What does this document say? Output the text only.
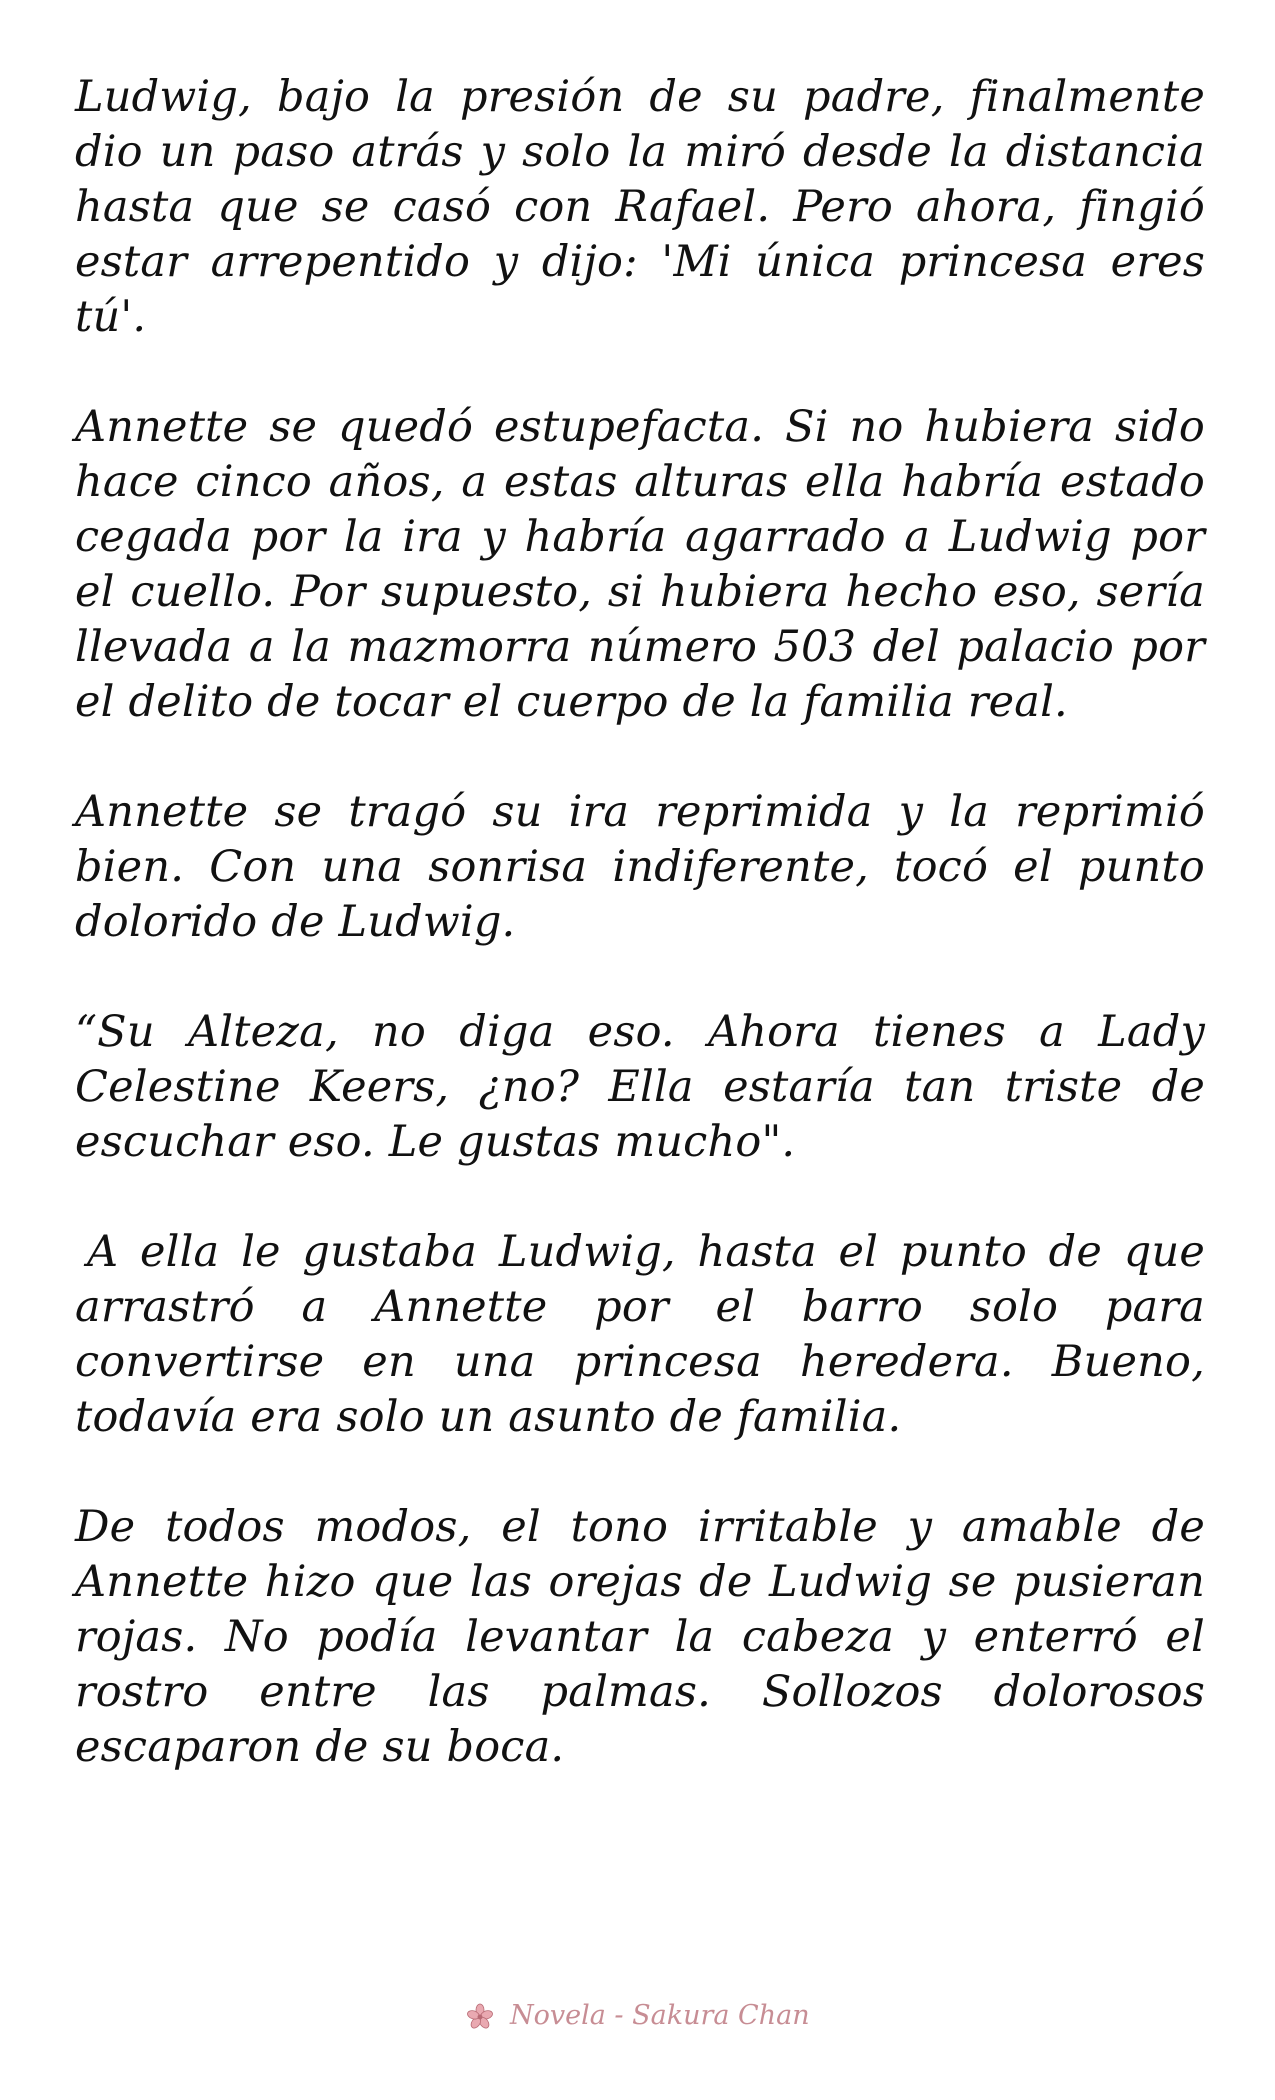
Ludwig, bajo la presión de su padre, finalmente dio un paso atrás y solo la miró desde la distancia hasta que se casó con Rafael. Pero ahora, fingió estar arrepentido y dijo: 'Mi única princesa eres tú'.

Annette se quedó estupefacta. Si no hubiera sido hace cinco años, a estas alturas ella habría estado cegada por la ira y habría agarrado a Ludwig por el cuello. Por supuesto, si hubiera hecho eso, sería llevada a la mazmorra número 503 del palacio por el delito de tocar el cuerpo de la familia real.

Annette se tragó su ira reprimida y la reprimió bien. Con una sonrisa indiferente, tocó el punto dolorido de Ludwig.

“Su Alteza, no diga eso. Ahora tienes a Lady Celestine Keers, ¿no? Ella estaría tan triste de escuchar eso. Le gustas mucho".

A ella le gustaba Ludwig, hasta el punto de que arrastró a Annette por el barro solo para convertirse en una princesa heredera. Bueno, todavía era solo un asunto de familia.

De todos modos, el tono irritable y amable de Annette hizo que las orejas de Ludwig se pusieran rojas. No podía levantar la cabeza y enterró el rostro entre las palmas. Sollozos dolorosos escaparon de su boca.

Novela - Sakura Chan
